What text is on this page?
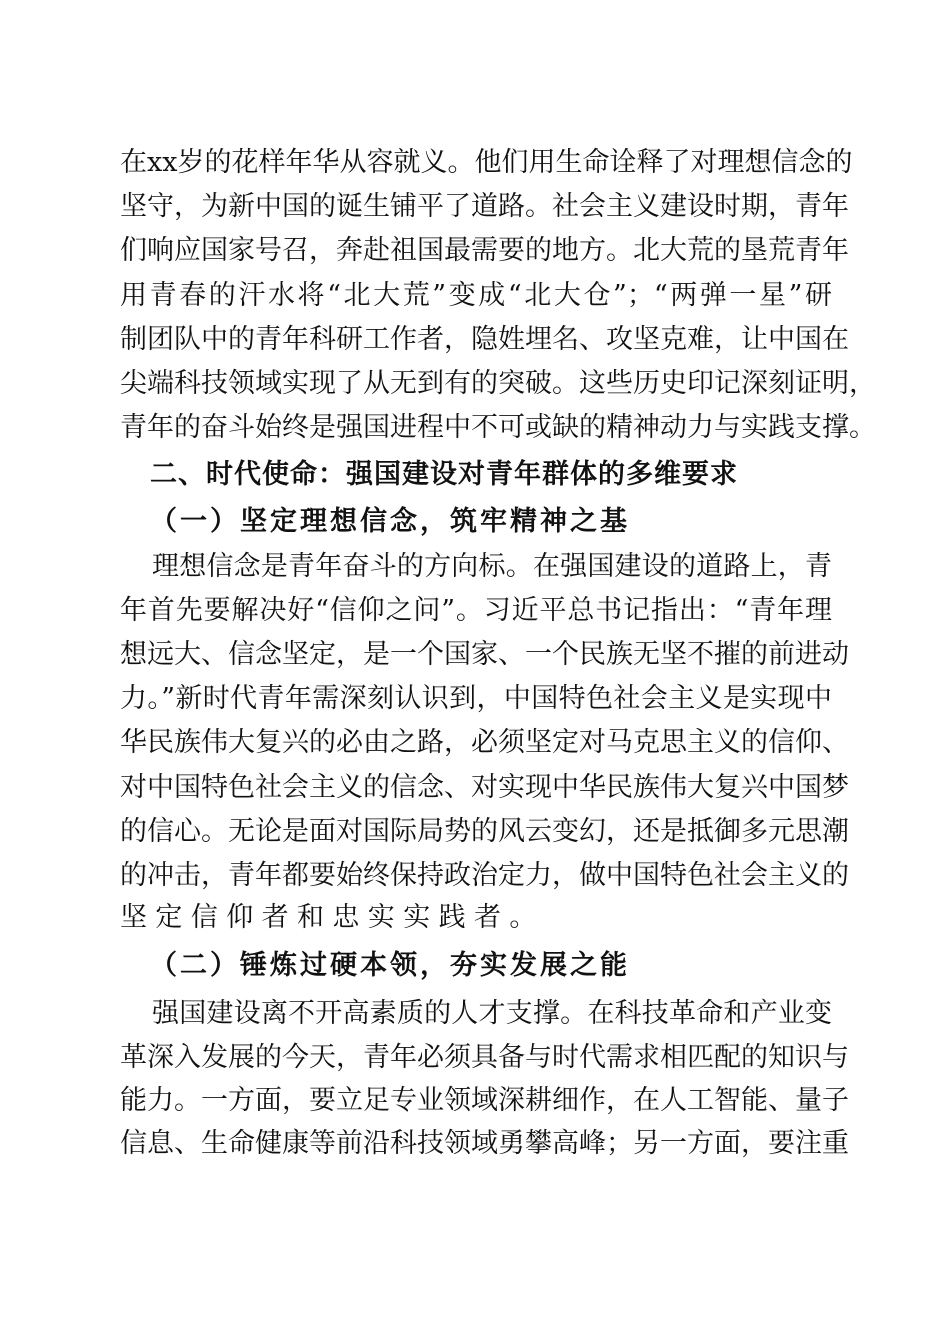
在xx岁的花样年华从容就义。他们用生命诠释了对理想信念的
坚守，为新中国的诞生铺平了道路。社会主义建设时期，青年
们响应国家号召，奔赴祖国最需要的地方。北大荒的垦荒青年
用青春的汗水将“北大荒”变成“北大仓”；“两弹一星”研
制团队中的青年科研工作者，隐姓埋名、攻坚克难，让中国在
尖端科技领域实现了从无到有的突破。这些历史印记深刻证明，
青年的奋斗始终是强国进程中不可或缺的精神动力与实践支撑。
二、时代使命：强国建设对青年群体的多维要求
（一）坚定理想信念，筑牢精神之基
理想信念是青年奋斗的方向标。在强国建设的道路上，青
年首先要解决好“信仰之问”。习近平总书记指出：“青年理
想远大、信念坚定，是一个国家、一个民族无坚不摧的前进动
力。”新时代青年需深刻认识到，中国特色社会主义是实现中
华民族伟大复兴的必由之路，必须坚定对马克思主义的信仰、
对中国特色社会主义的信念、对实现中华民族伟大复兴中国梦
的信心。无论是面对国际局势的风云变幻，还是抵御多元思潮
的冲击，青年都要始终保持政治定力，做中国特色社会主义的
坚定信仰者和忠实实践者。
（二）锤炼过硬本领，夯实发展之能
强国建设离不开高素质的人才支撑。在科技革命和产业变
革深入发展的今天，青年必须具备与时代需求相匹配的知识与
能力。一方面，要立足专业领域深耕细作，在人工智能、量子
信息、生命健康等前沿科技领域勇攀高峰；另一方面，要注重
